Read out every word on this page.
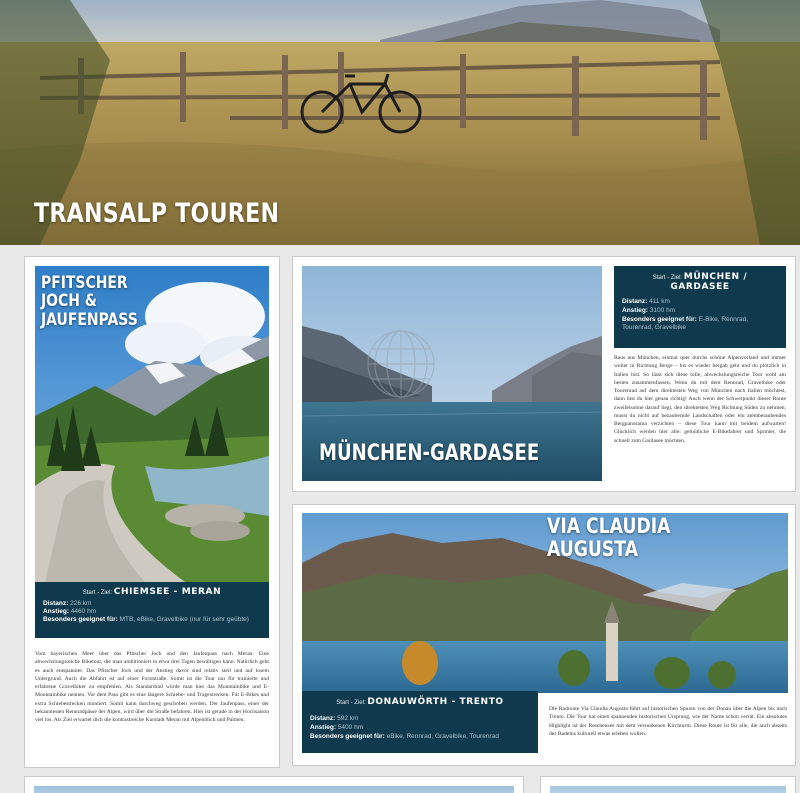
TRANSALP TOUREN
PFITSCHER
JOCH &
JAUFENPASS
Start - Ziel: CHIEMSEE - MERAN
Distanz: 226 km
Anstieg: 4460 hm
Besonders geeignet für: MTB, eBike, Gravelbike (nur für sehr geübte)
Vom bayerischen Meer über das Pfitscher Joch und den Jaufenpass nach Meran. Eine abwechslungsreiche Biketour, die man ambitioniert in etwa drei Tagen bewältigen kann. Natürlich geht es auch entspannter. Das Pfitscher Joch und der Anstieg davor sind relativ steil und auf losem Untergrund. Auch die Abfahrt ist auf einer Forststraße. Somit ist die Tour nur für trainierte und erfahrene Gravelbiker zu empfehlen. Als Standardrad würde man hier das Mountainbike und E-Mountainbike nennen. Vor dem Pass gibt es eine längere Schiebe- und Tragestrecken. Für E-Bikes und extra Schiebestrecken montiert. Somit kann durchweg geschoben werden. Der Jaufenpass, einer der bekanntesten Rennradpässe der Alpen, wird über die Straße befahren. Hier ist gerade in der Hochsaison viel los. Als Ziel erwartet dich die kontrastreiche Kurstadt Meran mit Alpenblick und Palmen.
MÜNCHEN-GARDASEE
Start - Ziel: MÜNCHEN /
GARDASEE
Distanz: 411 km
Anstieg: 3100 hm
Besonders geeignet für: E-Bike, Rennrad, Tourenrad, Gravelbike
Raus aus München, einmal quer durchs schöne Alpenvorland und immer weiter in Richtung Berge – bis es wieder bergab geht und du plötzlich in Italien bist. So lässt sich diese tolle, abwechslungsreiche Tour wohl am besten zusammenfassen. Wenn du mit dem Rennrad, Gravelbike oder Tourenrad auf dem direktesten Weg von München nach Italien möchtest, dann bist du hier genau richtig! Auch wenn der Schwerpunkt dieser Route zweifelsohne darauf liegt, den direktesten Weg Richtung Süden zu nehmen, musst du nicht auf bezaubernde Landschaften oder ein atemberaubendes Bergpanorama verzichten – diese Tour kann mit beidem aufwarten! Glücklich werden hier alle: gemütliche E-Bikefahrer und Sprinter, die schnell zum Gardasee möchten.
VIA CLAUDIA AUGUSTA
Start - Ziel: DONAUWÖRTH - TRENTO
Distanz: 592 km
Anstieg: 5400 hm
Besonders geeignet für: eBike, Rennrad, Gravelbike, Tourenrad
Die Radroute Via Claudia Augusta führt auf historischen Spuren von der Donau über die Alpen bis nach Trento. Die Tour hat einen spannenden historischen Ursprung, wie der Name schon verrät. Ein absolutes Highlight ist der Reschensee mit dem versunkenen Kirchturm. Diese Route ist für alle, die auch abseits des Radelns kulturell etwas erleben wollen.
